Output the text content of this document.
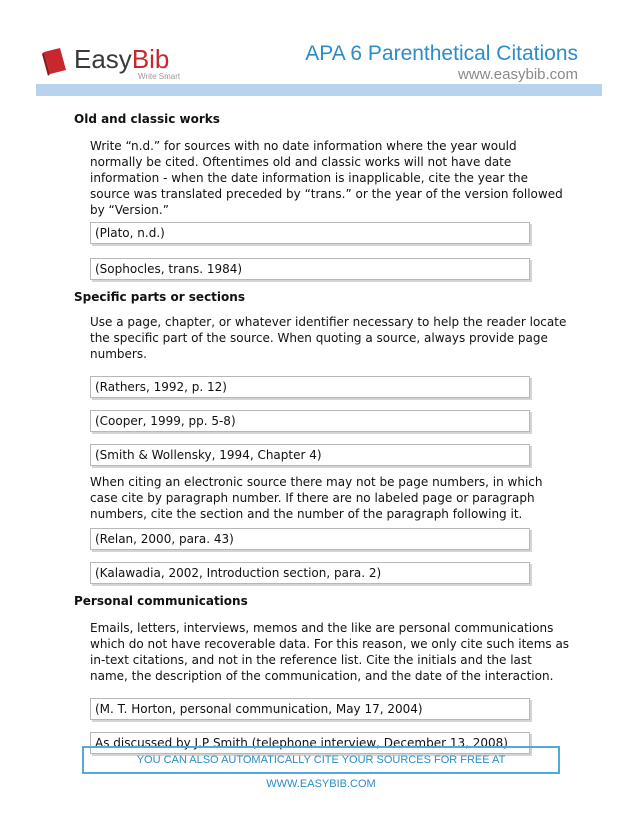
EasyBib
Write Smart
APA 6 Parenthetical Citations
www.easybib.com

Old and classic works

Write “n.d.” for sources with no date information where the year would normally be cited. Oftentimes old and classic works will not have date information - when the date information is inapplicable, cite the year the source was translated preceded by “trans.” or the year of the version followed by “Version.”

(Plato, n.d.)
(Sophocles, trans. 1984)

Specific parts or sections

Use a page, chapter, or whatever identifier necessary to help the reader locate the specific part of the source. When quoting a source, always provide page numbers.

(Rathers, 1992, p. 12)
(Cooper, 1999, pp. 5-8)
(Smith & Wollensky, 1994, Chapter 4)

When citing an electronic source there may not be page numbers, in which case cite by paragraph number. If there are no labeled page or paragraph numbers, cite the section and the number of the paragraph following it.

(Relan, 2000, para. 43)
(Kalawadia, 2002, Introduction section, para. 2)

Personal communications

Emails, letters, interviews, memos and the like are personal communications which do not have recoverable data. For this reason, we only cite such items as in-text citations, and not in the reference list. Cite the initials and the last name, the description of the communication, and the date of the interaction.

(M. T. Horton, personal communication, May 17, 2004)
As discussed by J.P Smith (telephone interview, December 13, 2008)
YOU CAN ALSO AUTOMATICALLY CITE YOUR SOURCES FOR FREE AT WWW.EASYBIB.COM
